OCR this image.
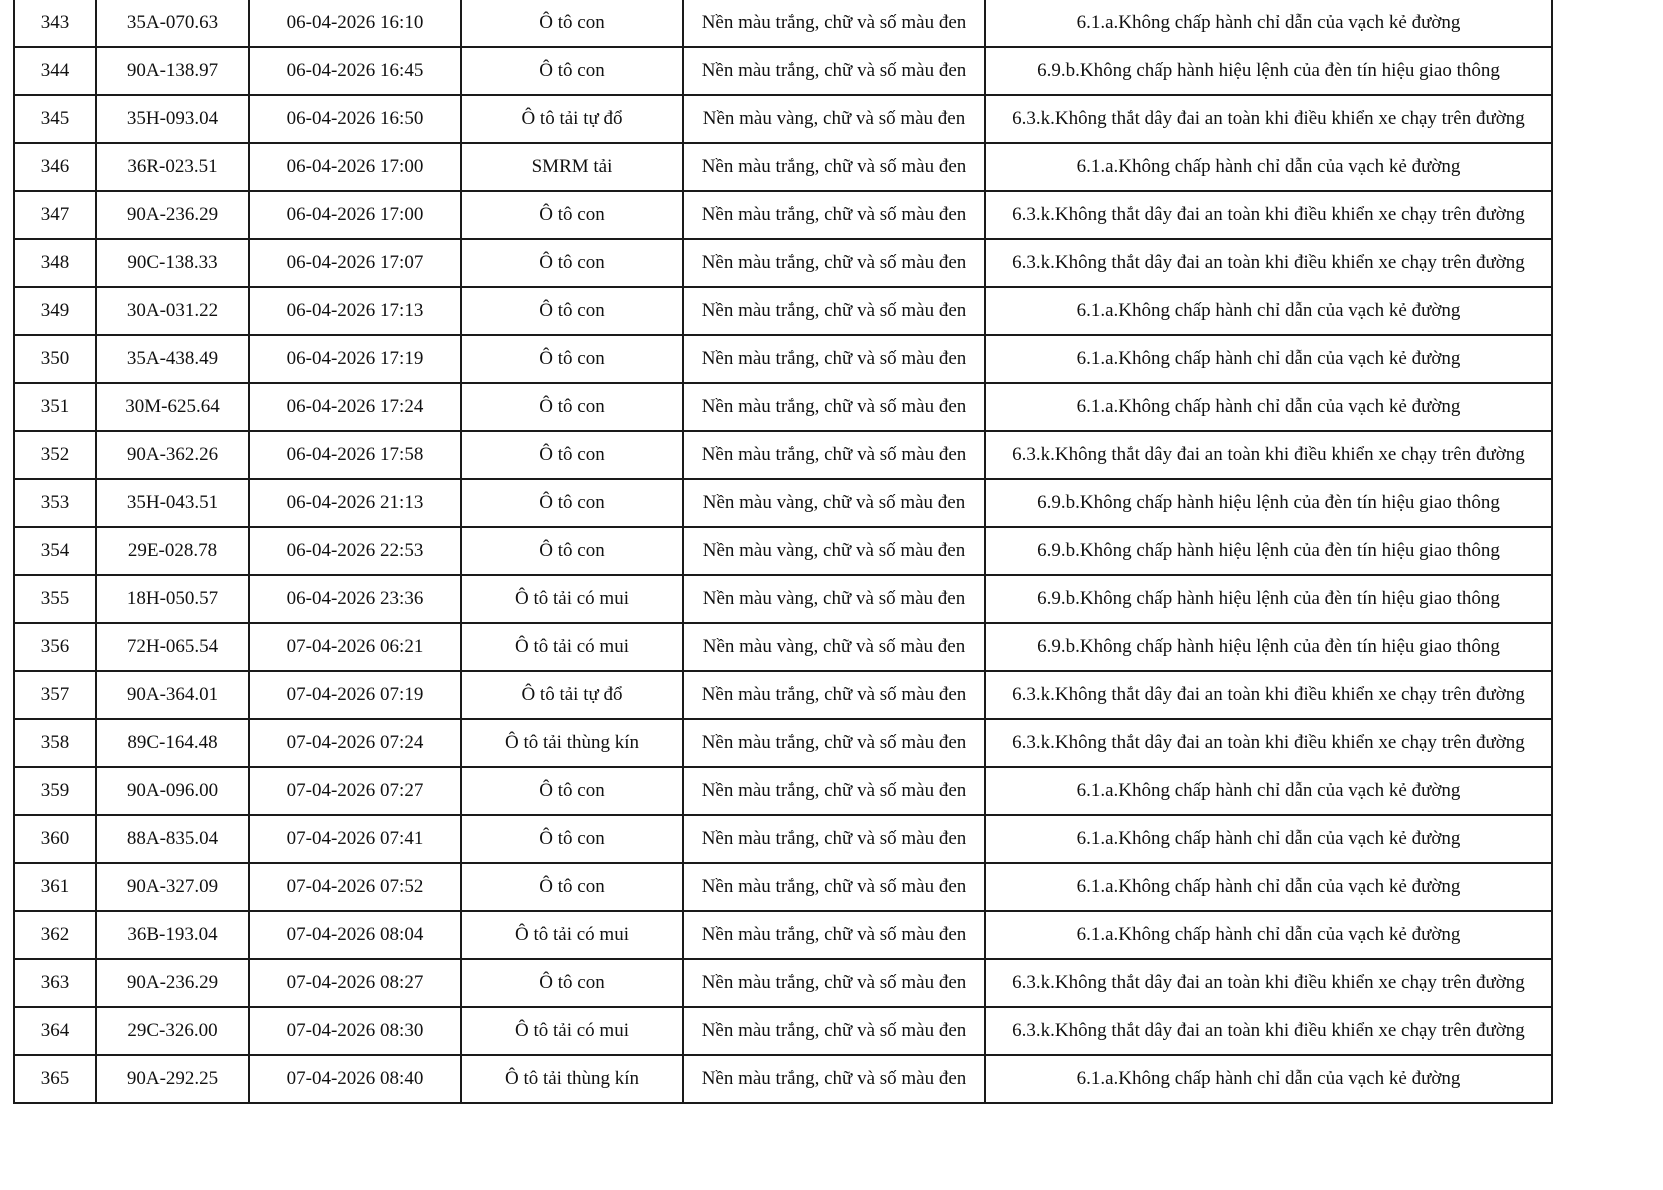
343	35A-070.63	06-04-2026 16:10	Ô tô con	Nền màu trắng, chữ và số màu đen	6.1.a.Không chấp hành chỉ dẫn của vạch kẻ đường
344	90A-138.97	06-04-2026 16:45	Ô tô con	Nền màu trắng, chữ và số màu đen	6.9.b.Không chấp hành hiệu lệnh của đèn tín hiệu giao thông
345	35H-093.04	06-04-2026 16:50	Ô tô tải tự đổ	Nền màu vàng, chữ và số màu đen	6.3.k.Không thắt dây đai an toàn khi điều khiển xe chạy trên đường
346	36R-023.51	06-04-2026 17:00	SMRM tải	Nền màu trắng, chữ và số màu đen	6.1.a.Không chấp hành chỉ dẫn của vạch kẻ đường
347	90A-236.29	06-04-2026 17:00	Ô tô con	Nền màu trắng, chữ và số màu đen	6.3.k.Không thắt dây đai an toàn khi điều khiển xe chạy trên đường
348	90C-138.33	06-04-2026 17:07	Ô tô con	Nền màu trắng, chữ và số màu đen	6.3.k.Không thắt dây đai an toàn khi điều khiển xe chạy trên đường
349	30A-031.22	06-04-2026 17:13	Ô tô con	Nền màu trắng, chữ và số màu đen	6.1.a.Không chấp hành chỉ dẫn của vạch kẻ đường
350	35A-438.49	06-04-2026 17:19	Ô tô con	Nền màu trắng, chữ và số màu đen	6.1.a.Không chấp hành chỉ dẫn của vạch kẻ đường
351	30M-625.64	06-04-2026 17:24	Ô tô con	Nền màu trắng, chữ và số màu đen	6.1.a.Không chấp hành chỉ dẫn của vạch kẻ đường
352	90A-362.26	06-04-2026 17:58	Ô tô con	Nền màu trắng, chữ và số màu đen	6.3.k.Không thắt dây đai an toàn khi điều khiển xe chạy trên đường
353	35H-043.51	06-04-2026 21:13	Ô tô con	Nền màu vàng, chữ và số màu đen	6.9.b.Không chấp hành hiệu lệnh của đèn tín hiệu giao thông
354	29E-028.78	06-04-2026 22:53	Ô tô con	Nền màu vàng, chữ và số màu đen	6.9.b.Không chấp hành hiệu lệnh của đèn tín hiệu giao thông
355	18H-050.57	06-04-2026 23:36	Ô tô tải có mui	Nền màu vàng, chữ và số màu đen	6.9.b.Không chấp hành hiệu lệnh của đèn tín hiệu giao thông
356	72H-065.54	07-04-2026 06:21	Ô tô tải có mui	Nền màu vàng, chữ và số màu đen	6.9.b.Không chấp hành hiệu lệnh của đèn tín hiệu giao thông
357	90A-364.01	07-04-2026 07:19	Ô tô tải tự đổ	Nền màu trắng, chữ và số màu đen	6.3.k.Không thắt dây đai an toàn khi điều khiển xe chạy trên đường
358	89C-164.48	07-04-2026 07:24	Ô tô tải thùng kín	Nền màu trắng, chữ và số màu đen	6.3.k.Không thắt dây đai an toàn khi điều khiển xe chạy trên đường
359	90A-096.00	07-04-2026 07:27	Ô tô con	Nền màu trắng, chữ và số màu đen	6.1.a.Không chấp hành chỉ dẫn của vạch kẻ đường
360	88A-835.04	07-04-2026 07:41	Ô tô con	Nền màu trắng, chữ và số màu đen	6.1.a.Không chấp hành chỉ dẫn của vạch kẻ đường
361	90A-327.09	07-04-2026 07:52	Ô tô con	Nền màu trắng, chữ và số màu đen	6.1.a.Không chấp hành chỉ dẫn của vạch kẻ đường
362	36B-193.04	07-04-2026 08:04	Ô tô tải có mui	Nền màu trắng, chữ và số màu đen	6.1.a.Không chấp hành chỉ dẫn của vạch kẻ đường
363	90A-236.29	07-04-2026 08:27	Ô tô con	Nền màu trắng, chữ và số màu đen	6.3.k.Không thắt dây đai an toàn khi điều khiển xe chạy trên đường
364	29C-326.00	07-04-2026 08:30	Ô tô tải có mui	Nền màu trắng, chữ và số màu đen	6.3.k.Không thắt dây đai an toàn khi điều khiển xe chạy trên đường
365	90A-292.25	07-04-2026 08:40	Ô tô tải thùng kín	Nền màu trắng, chữ và số màu đen	6.1.a.Không chấp hành chỉ dẫn của vạch kẻ đường
